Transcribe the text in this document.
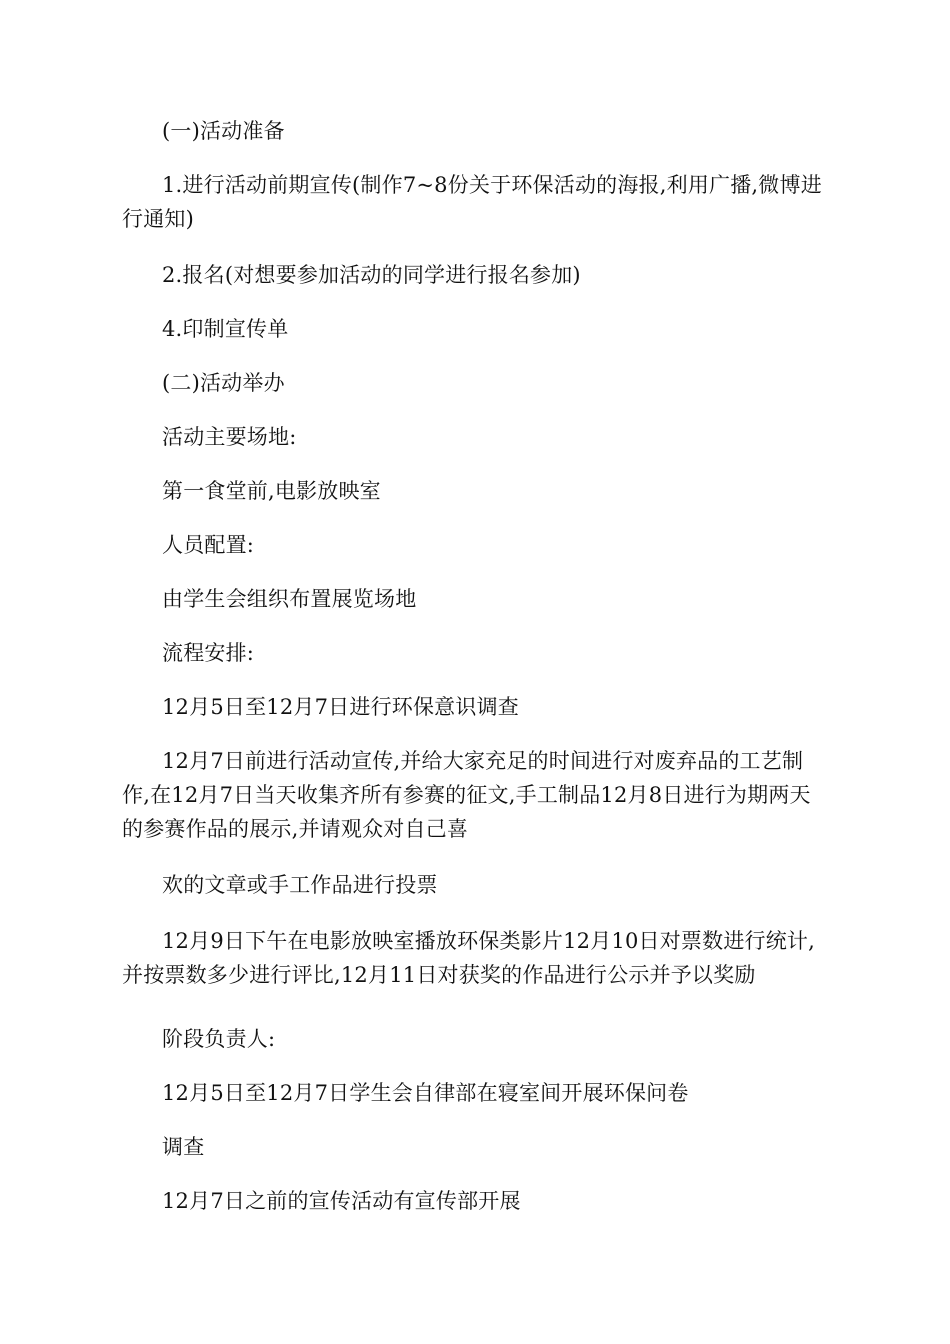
(一)活动准备

1.进行活动前期宣传(制作7~8份关于环保活动的海报,利用广播,微博进行通知)

2.报名(对想要参加活动的同学进行报名参加)

4.印制宣传单

(二)活动举办

活动主要场地:

第一食堂前,电影放映室

人员配置:

由学生会组织布置展览场地

流程安排:

12月5日至12月7日进行环保意识调查

12月7日前进行活动宣传,并给大家充足的时间进行对废弃品的工艺制作,在12月7日当天收集齐所有参赛的征文,手工制品12月8日进行为期两天的参赛作品的展示,并请观众对自己喜

欢的文章或手工作品进行投票

12月9日下午在电影放映室播放环保类影片12月10日对票数进行统计,并按票数多少进行评比,12月11日对获奖的作品进行公示并予以奖励

阶段负责人:

12月5日至12月7日学生会自律部在寝室间开展环保问卷

调查

12月7日之前的宣传活动有宣传部开展
